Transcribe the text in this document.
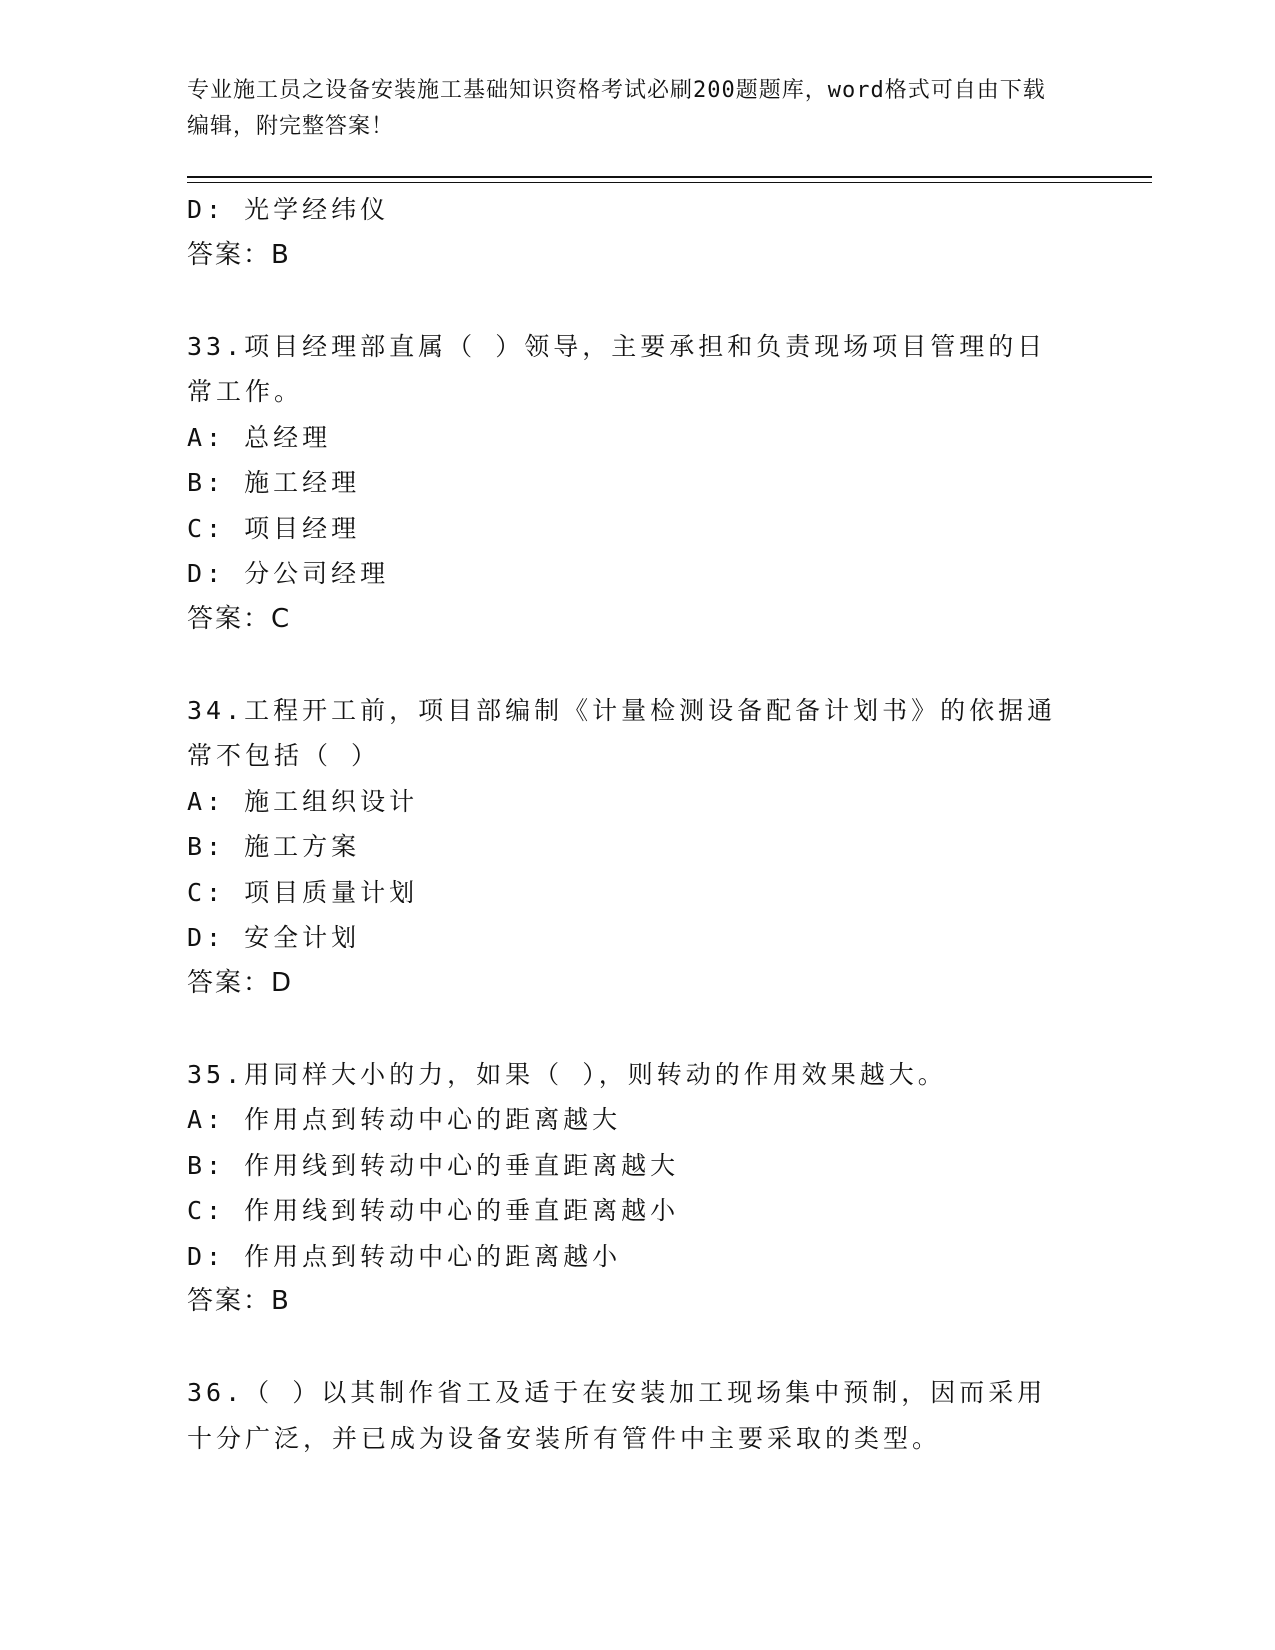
专业施工员之设备安装施工基础知识资格考试必刷200题题库，word格式可自由下载编辑，附完整答案！
D: 光学经纬仪
答案：B
33.项目经理部直属（ ）领导，主要承担和负责现场项目管理的日常工作。
A: 总经理
B: 施工经理
C: 项目经理
D: 分公司经理
答案：C
34.工程开工前，项目部编制《计量检测设备配备计划书》的依据通常不包括（ ）
A: 施工组织设计
B: 施工方案
C: 项目质量计划
D: 安全计划
答案：D
35.用同样大小的力，如果（ ），则转动的作用效果越大。
A: 作用点到转动中心的距离越大
B: 作用线到转动中心的垂直距离越大
C: 作用线到转动中心的垂直距离越小
D: 作用点到转动中心的距离越小
答案：B
36.（ ）以其制作省工及适于在安装加工现场集中预制，因而采用十分广泛，并已成为设备安装所有管件中主要采取的类型。
